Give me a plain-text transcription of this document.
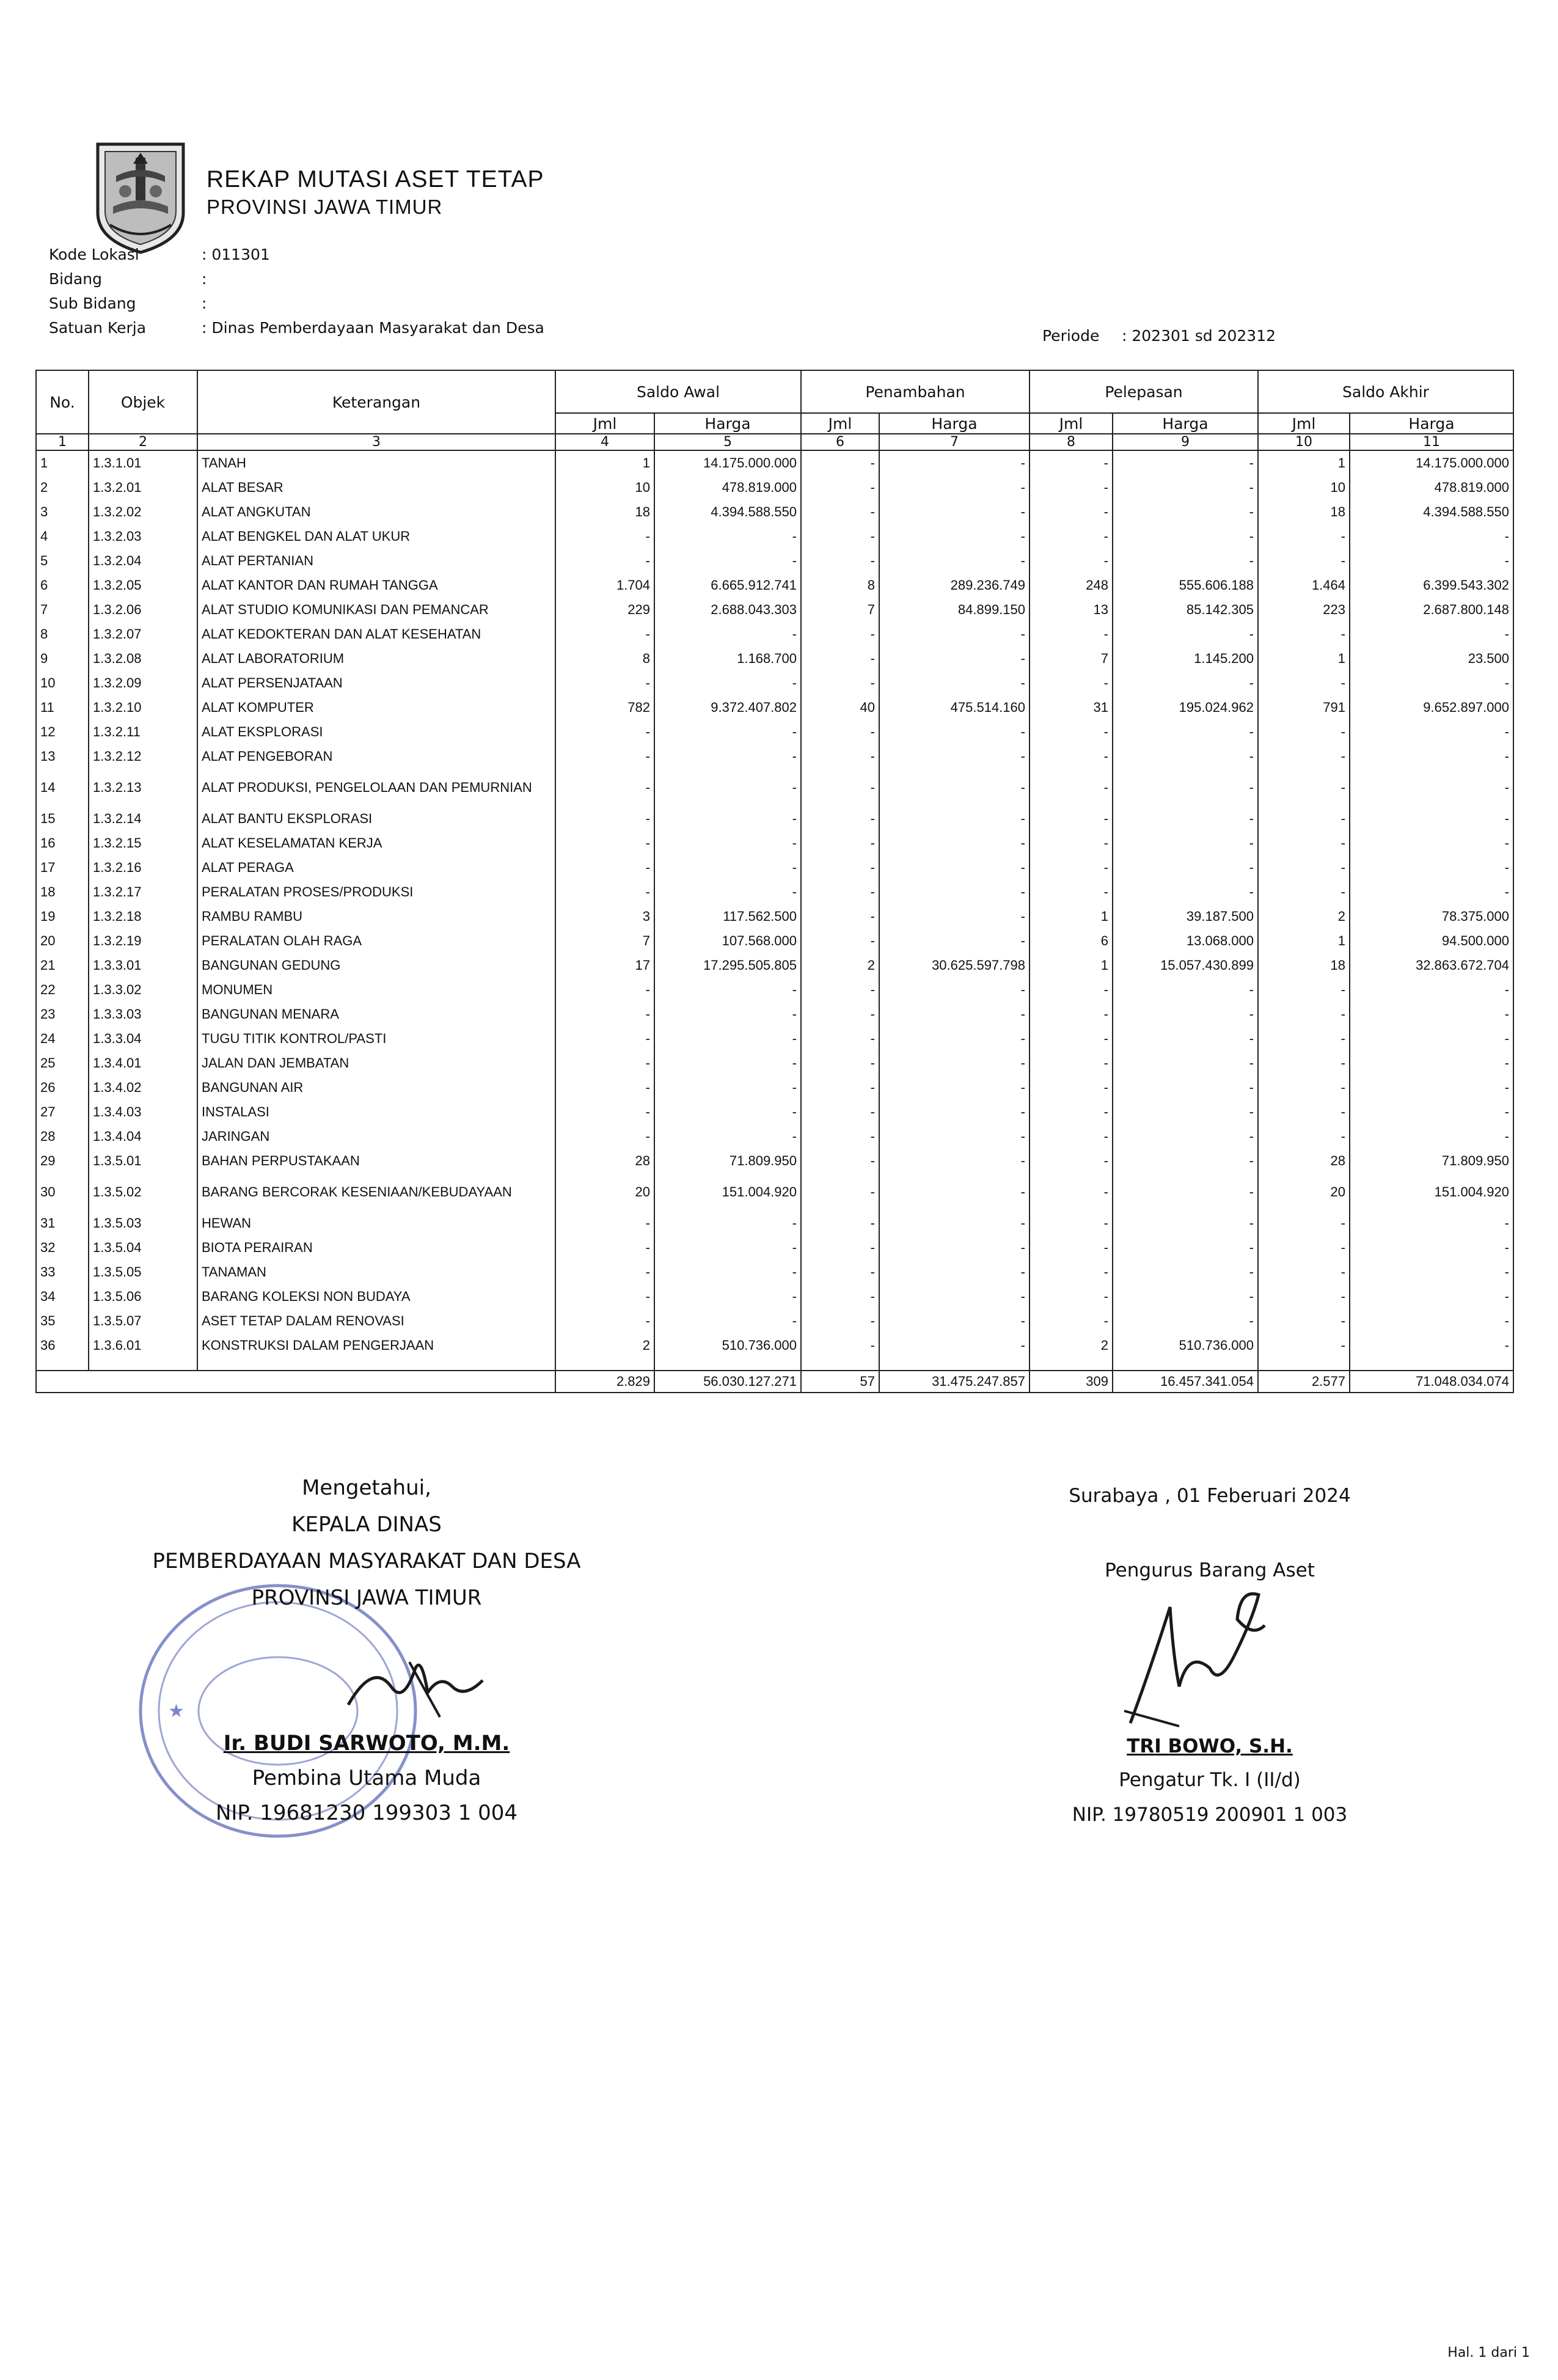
REKAP MUTASI ASET TETAP
PROVINSI JAWA TIMUR
Kode Lokasi	: 011301
Bidang	:
Sub Bidang	:
Satuan Kerja	: Dinas Pemberdayaan Masyarakat dan Desa	Periode : 202301 sd 202312
No.	Objek	Keterangan	Saldo Awal		Penambahan		Pelepasan		Saldo Akhir	
			Jml	Harga	Jml	Harga	Jml	Harga	Jml	Harga
1	2	3	4	5	6	7	8	9	10	11
1	1.3.1.01	TANAH	1	14.175.000.000	-	-	-	-	1	14.175.000.000
2	1.3.2.01	ALAT BESAR	10	478.819.000	-	-	-	-	10	478.819.000
3	1.3.2.02	ALAT ANGKUTAN	18	4.394.588.550	-	-	-	-	18	4.394.588.550
4	1.3.2.03	ALAT BENGKEL DAN ALAT UKUR	-	-	-	-	-	-	-	-
5	1.3.2.04	ALAT PERTANIAN	-	-	-	-	-	-	-	-
6	1.3.2.05	ALAT KANTOR DAN RUMAH TANGGA	1.704	6.665.912.741	8	289.236.749	248	555.606.188	1.464	6.399.543.302
7	1.3.2.06	ALAT STUDIO KOMUNIKASI DAN PEMANCAR	229	2.688.043.303	7	84.899.150	13	85.142.305	223	2.687.800.148
8	1.3.2.07	ALAT KEDOKTERAN DAN ALAT KESEHATAN	-	-	-	-	-	-	-	-
9	1.3.2.08	ALAT LABORATORIUM	8	1.168.700	-	-	7	1.145.200	1	23.500
10	1.3.2.09	ALAT PERSENJATAAN	-	-	-	-	-	-	-	-
11	1.3.2.10	ALAT KOMPUTER	782	9.372.407.802	40	475.514.160	31	195.024.962	791	9.652.897.000
12	1.3.2.11	ALAT EKSPLORASI	-	-	-	-	-	-	-	-
13	1.3.2.12	ALAT PENGEBORAN	-	-	-	-	-	-	-	-
14	1.3.2.13	ALAT PRODUKSI, PENGELOLAAN DAN PEMURNIAN	-	-	-	-	-	-	-	-
15	1.3.2.14	ALAT BANTU EKSPLORASI	-	-	-	-	-	-	-	-
16	1.3.2.15	ALAT KESELAMATAN KERJA	-	-	-	-	-	-	-	-
17	1.3.2.16	ALAT PERAGA	-	-	-	-	-	-	-	-
18	1.3.2.17	PERALATAN PROSES/PRODUKSI	-	-	-	-	-	-	-	-
19	1.3.2.18	RAMBU RAMBU	3	117.562.500	-	-	1	39.187.500	2	78.375.000
20	1.3.2.19	PERALATAN OLAH RAGA	7	107.568.000	-	-	6	13.068.000	1	94.500.000
21	1.3.3.01	BANGUNAN GEDUNG	17	17.295.505.805	2	30.625.597.798	1	15.057.430.899	18	32.863.672.704
22	1.3.3.02	MONUMEN	-	-	-	-	-	-	-	-
23	1.3.3.03	BANGUNAN MENARA	-	-	-	-	-	-	-	-
24	1.3.3.04	TUGU TITIK KONTROL/PASTI	-	-	-	-	-	-	-	-
25	1.3.4.01	JALAN DAN JEMBATAN	-	-	-	-	-	-	-	-
26	1.3.4.02	BANGUNAN AIR	-	-	-	-	-	-	-	-
27	1.3.4.03	INSTALASI	-	-	-	-	-	-	-	-
28	1.3.4.04	JARINGAN	-	-	-	-	-	-	-	-
29	1.3.5.01	BAHAN PERPUSTAKAAN	28	71.809.950	-	-	-	-	28	71.809.950
30	1.3.5.02	BARANG BERCORAK KESENIAAN/KEBUDAYAAN	20	151.004.920	-	-	-	-	20	151.004.920
31	1.3.5.03	HEWAN	-	-	-	-	-	-	-	-
32	1.3.5.04	BIOTA PERAIRAN	-	-	-	-	-	-	-	-
33	1.3.5.05	TANAMAN	-	-	-	-	-	-	-	-
34	1.3.5.06	BARANG KOLEKSI NON BUDAYA	-	-	-	-	-	-	-	-
35	1.3.5.07	ASET TETAP DALAM RENOVASI	-	-	-	-	-	-	-	-
36	1.3.6.01	KONSTRUKSI DALAM PENGERJAAN	2	510.736.000	-	-	2	510.736.000	-	-
			2.829	56.030.127.271	57	31.475.247.857	309	16.457.341.054	2.577	71.048.034.074
★
Mengetahui,
KEPALA DINAS
PEMBERDAYAAN MASYARAKAT DAN DESA
PROVINSI JAWA TIMUR
Ir. BUDI SARWOTO, M.M.
Pembina Utama Muda
NIP. 19681230 199303 1 004
Surabaya , 01 Feberuari 2024
Pengurus Barang Aset
TRI BOWO, S.H.
Pengatur Tk. I (II/d)
NIP. 19780519 200901 1 003
Hal. 1 dari 1
